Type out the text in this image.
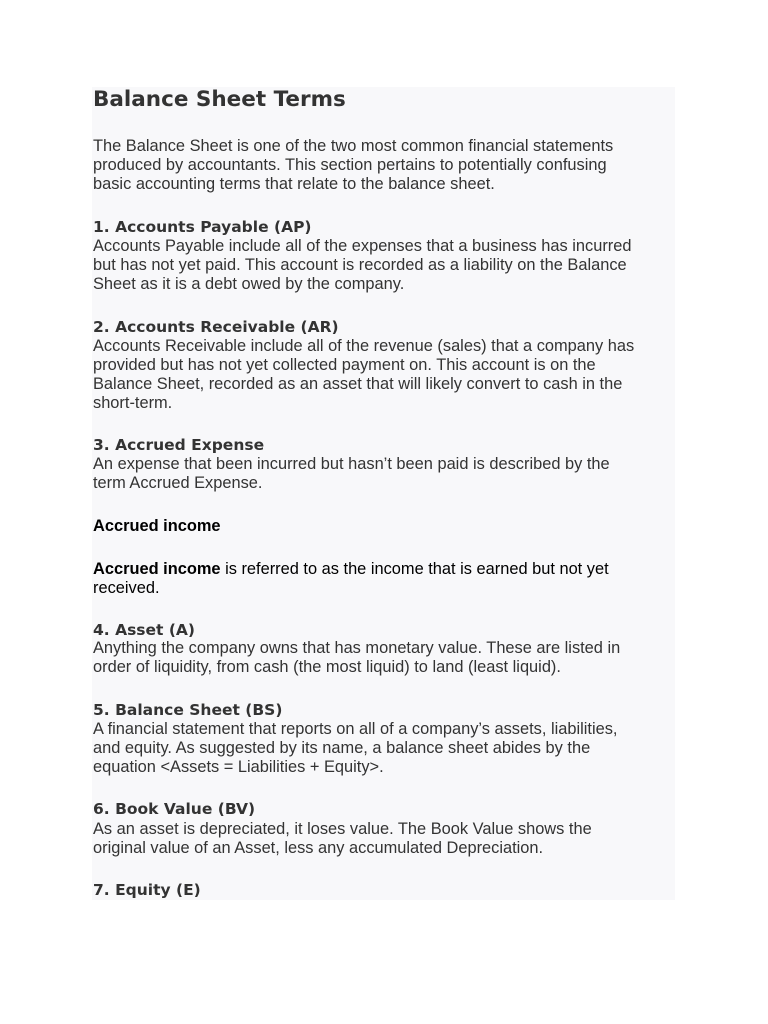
Balance Sheet Terms

The Balance Sheet is one of the two most common financial statements
produced by accountants. This section pertains to potentially confusing
basic accounting terms that relate to the balance sheet.

1. Accounts Payable (AP)

Accounts Payable include all of the expenses that a business has incurred
but has not yet paid. This account is recorded as a liability on the Balance
Sheet as it is a debt owed by the company.

2. Accounts Receivable (AR)

Accounts Receivable include all of the revenue (sales) that a company has
provided but has not yet collected payment on. This account is on the
Balance Sheet, recorded as an asset that will likely convert to cash in the
short-term.

3. Accrued Expense

An expense that been incurred but hasn’t been paid is described by the
term Accrued Expense.

Accrued income

Accrued income is referred to as the income that is earned but not yet
received.

4. Asset (A)

Anything the company owns that has monetary value. These are listed in
order of liquidity, from cash (the most liquid) to land (least liquid).

5. Balance Sheet (BS)

A financial statement that reports on all of a company’s assets, liabilities,
and equity. As suggested by its name, a balance sheet abides by the
equation <Assets = Liabilities + Equity>.

6. Book Value (BV)

As an asset is depreciated, it loses value. The Book Value shows the
original value of an Asset, less any accumulated Depreciation.

7. Equity (E)
